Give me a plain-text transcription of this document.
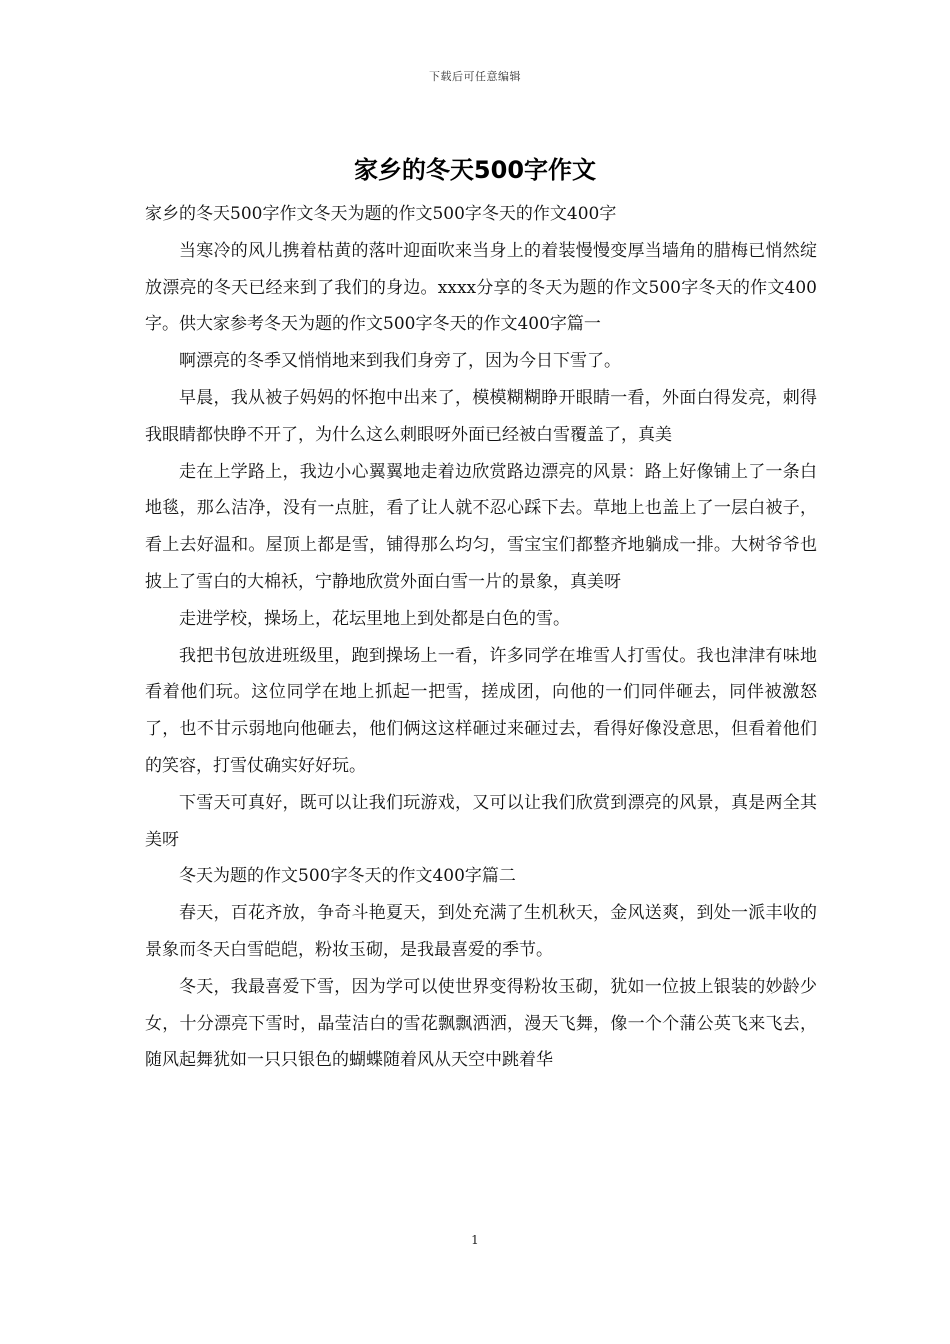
下载后可任意编辑
家乡的冬天500字作文

家乡的冬天500字作文冬天为题的作文500字冬天的作文400字

当寒冷的风儿携着枯黄的落叶迎面吹来当身上的着装慢慢变厚当墙角的腊梅已悄然绽放漂亮的冬天已经来到了我们的身边。xxxx分享的冬天为题的作文500字冬天的作文400字。供大家参考冬天为题的作文500字冬天的作文400字篇一

啊漂亮的冬季又悄悄地来到我们身旁了，因为今日下雪了。

早晨，我从被子妈妈的怀抱中出来了，模模糊糊睁开眼睛一看，外面白得发亮，刺得我眼睛都快睁不开了，为什么这么刺眼呀外面已经被白雪覆盖了，真美

走在上学路上，我边小心翼翼地走着边欣赏路边漂亮的风景：路上好像铺上了一条白地毯，那么洁净，没有一点脏，看了让人就不忍心踩下去。草地上也盖上了一层白被子，看上去好温和。屋顶上都是雪，铺得那么均匀，雪宝宝们都整齐地躺成一排。大树爷爷也披上了雪白的大棉袄，宁静地欣赏外面白雪一片的景象，真美呀

走进学校，操场上，花坛里地上到处都是白色的雪。

我把书包放进班级里，跑到操场上一看，许多同学在堆雪人打雪仗。我也津津有味地看着他们玩。这位同学在地上抓起一把雪，搓成团，向他的一们同伴砸去，同伴被激怒了，也不甘示弱地向他砸去，他们俩这这样砸过来砸过去，看得好像没意思，但看着他们的笑容，打雪仗确实好好玩。

下雪天可真好，既可以让我们玩游戏，又可以让我们欣赏到漂亮的风景，真是两全其美呀

冬天为题的作文500字冬天的作文400字篇二

春天，百花齐放，争奇斗艳夏天，到处充满了生机秋天，金风送爽，到处一派丰收的景象而冬天白雪皑皑，粉妆玉砌，是我最喜爱的季节。

冬天，我最喜爱下雪，因为学可以使世界变得粉妆玉砌，犹如一位披上银装的妙龄少女，十分漂亮下雪时，晶莹洁白的雪花飘飘洒洒，漫天飞舞，像一个个蒲公英飞来飞去，随风起舞犹如一只只银色的蝴蝶随着风从天空中跳着华

1
